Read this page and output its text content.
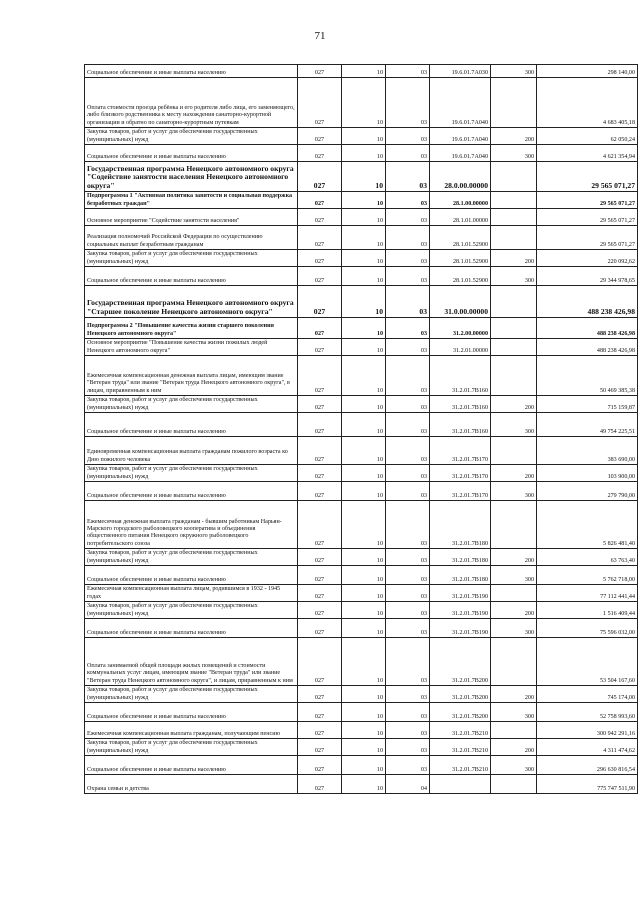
71
Социальное обеспечение и иные выплаты населению	027	10	03	19.6.01.7А030	300	298 140,00
Оплата стоимости проезда ребёнка и его родителя либо лица, его заменяющего, либо близкого родственника к месту нахождения санаторно-курортной организации и обратно по санаторно-курортным путевкам	027	10	03	19.6.01.7А040		4 683 405,18
Закупка товаров, работ и услуг для обеспечения государственных (муниципальных) нужд	027	10	03	19.6.01.7А040	200	62 050,24
Социальное обеспечение и иные выплаты населению	027	10	03	19.6.01.7А040	300	4 621 354,94
Государственная программа Ненецкого автономного округа "Содействие занятости населения Ненецкого автономного округа"	027	10	03	28.0.00.00000		29 565 071,27
Подпрограмма 1 "Активная политика занятости и социальная поддержка безработных граждан"	027	10	03	28.1.00.00000		29 565 071,27
Основное мероприятие "Содействие занятости населения"	027	10	03	28.1.01.00000		29 565 071,27
Реализация полномочий Российской Федерации по осуществлению социальных выплат безработным гражданам	027	10	03	28.1.01.52900		29 565 071,27
Закупка товаров, работ и услуг для обеспечения государственных (муниципальных) нужд	027	10	03	28.1.01.52900	200	220 092,62
Социальное обеспечение и иные выплаты населению	027	10	03	28.1.01.52900	300	29 344 978,65
Государственная программа Ненецкого автономного округа "Старшее поколение Ненецкого автономного округа"	027	10	03	31.0.00.00000		488 238 426,98
Подпрограмма 2 "Повышение качества жизни старшего поколения Ненецкого автономного округа"	027	10	03	31.2.00.00000		488 238 426,98
Основное мероприятие "Повышение качества жизни пожилых людей Ненецкого автономного округа"	027	10	03	31.2.01.00000		488 238 426,98
Ежемесячная компенсационная денежная выплата лицам, имеющим звание "Ветеран труда" или звание "Ветеран труда Ненецкого автономного округа", в лицам, приравненным к ним	027	10	03	31.2.01.7В160		50 469 385,38
Закупка товаров, работ и услуг для обеспечения государственных (муниципальных) нужд	027	10	03	31.2.01.7В160	200	715 159,87
Социальное обеспечение и иные выплаты населению	027	10	03	31.2.01.7В160	300	49 754 225,51
Единовременная компенсационная выплата гражданам пожилого возраста ко Дню пожилого человека	027	10	03	31.2.01.7В170		383 690,00
Закупка товаров, работ и услуг для обеспечения государственных (муниципальных) нужд	027	10	03	31.2.01.7В170	200	103 900,00
Социальное обеспечение и иные выплаты населению	027	10	03	31.2.01.7В170	300	279 790,00
Ежемесячная денежная выплата гражданам - бывшим работникам Нарьян-Марского городского рыболовецкого кооператива и объединения общественного питания Ненецкого окружного рыболовецкого потребительского союза	027	10	03	31.2.01.7В180		5 826 481,40
Закупка товаров, работ и услуг для обеспечения государственных (муниципальных) нужд	027	10	03	31.2.01.7В180	200	63 763,40
Социальное обеспечение и иные выплаты населению	027	10	03	31.2.01.7В180	300	5 762 718,00
Ежемесячная компенсационная выплата лицам, родившимся в 1932 - 1945 годах	027	10	03	31.2.01.7В190		77 112 441,44
Закупка товаров, работ и услуг для обеспечения государственных (муниципальных) нужд	027	10	03	31.2.01.7В190	200	1 516 409,44
Социальное обеспечение и иные выплаты населению	027	10	03	31.2.01.7В190	300	75 596 032,00
Оплата занимаемой общей площади жилых помещений и стоимости коммунальных услуг лицам, имеющим звание "Ветеран труда" или звание "Ветеран труда Ненецкого автономного округа", и лицам, приравненным к ним	027	10	03	31.2.01.7В200		53 504 167,60
Закупка товаров, работ и услуг для обеспечения государственных (муниципальных) нужд	027	10	03	31.2.01.7В200	200	745 174,00
Социальное обеспечение и иные выплаты населению	027	10	03	31.2.01.7В200	300	52 758 993,60
Ежемесячная компенсационная выплата гражданам, получающим пенсию	027	10	03	31.2.01.7В210		300 942 291,16
Закупка товаров, работ и услуг для обеспечения государственных (муниципальных) нужд	027	10	03	31.2.01.7В210	200	4 311 474,62
Социальное обеспечение и иные выплаты населению	027	10	03	31.2.01.7В210	300	296 630 816,54
Охрана семьи и детства	027	10	04			775 747 511,90
